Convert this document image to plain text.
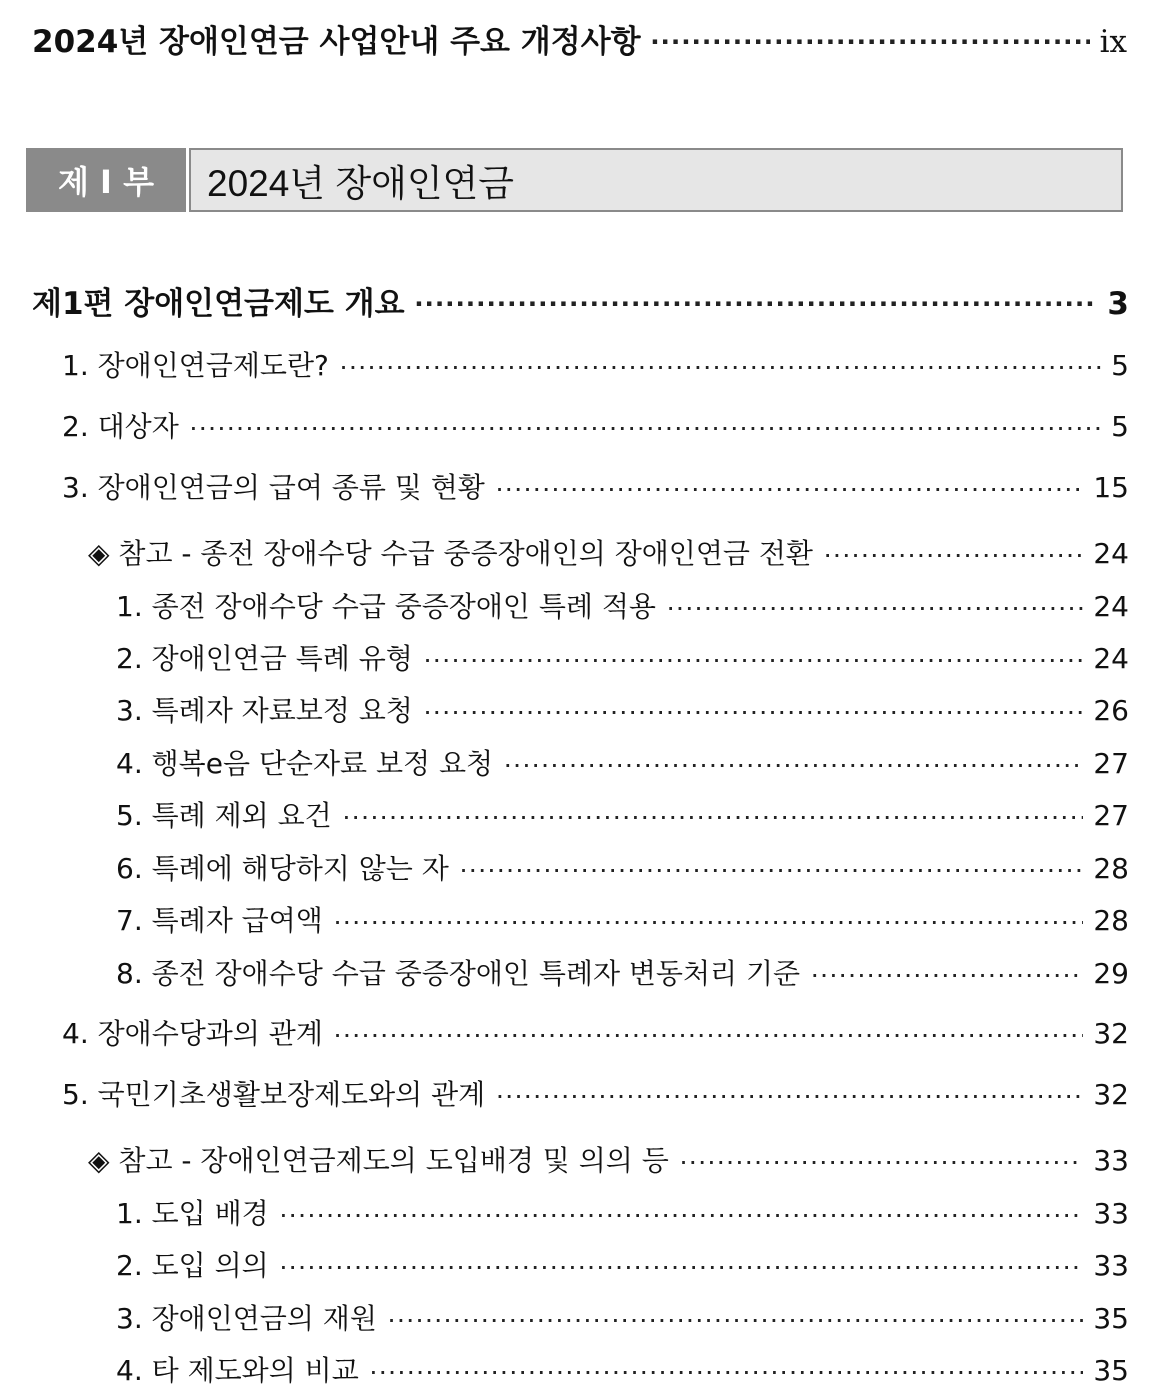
2024년 장애인연금 사업안내 주요 개정사항 ·····	ix
제 Ⅰ 부	2024년 장애인연금
제1편 장애인연금제도 개요 ·····	3
1. 장애인연금제도란? ·····	5
2. 대상자 ·····	5
3. 장애인연금의 급여 종류 및 현황 ·····	15
◈ 참고 - 종전 장애수당 수급 중증장애인의 장애인연금 전환 ·····	24
1. 종전 장애수당 수급 중증장애인 특례 적용 ·····	24
2. 장애인연금 특례 유형 ·····	24
3. 특례자 자료보정 요청 ·····	26
4. 행복e음 단순자료 보정 요청 ·····	27
5. 특례 제외 요건 ·····	27
6. 특례에 해당하지 않는 자 ·····	28
7. 특례자 급여액 ·····	28
8. 종전 장애수당 수급 중증장애인 특례자 변동처리 기준 ·····	29
4. 장애수당과의 관계 ·····	32
5. 국민기초생활보장제도와의 관계 ·····	32
◈ 참고 - 장애인연금제도의 도입배경 및 의의 등 ·····	33
1. 도입 배경 ·····	33
2. 도입 의의 ·····	33
3. 장애인연금의 재원 ·····	35
4. 타 제도와의 비교 ·····	35
